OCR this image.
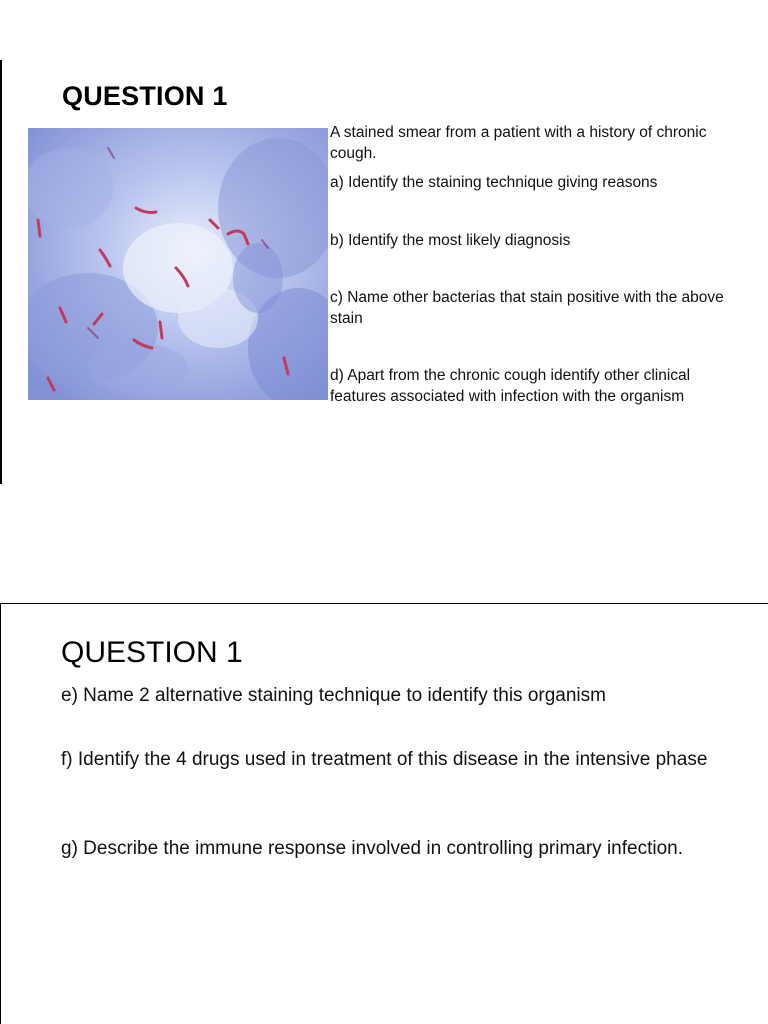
QUESTION 1
A stained smear from a patient with a history of chronic cough.
a) Identify the staining technique giving reasons
b) Identify the most likely diagnosis
c) Name other bacterias that stain positive with the above stain
d) Apart from the chronic cough identify other clinical features associated with infection with the organism
QUESTION 1
e) Name 2 alternative staining technique to identify this organism
f) Identify the 4 drugs used in treatment of this disease in the intensive phase
g) Describe the immune response involved in controlling primary infection.
